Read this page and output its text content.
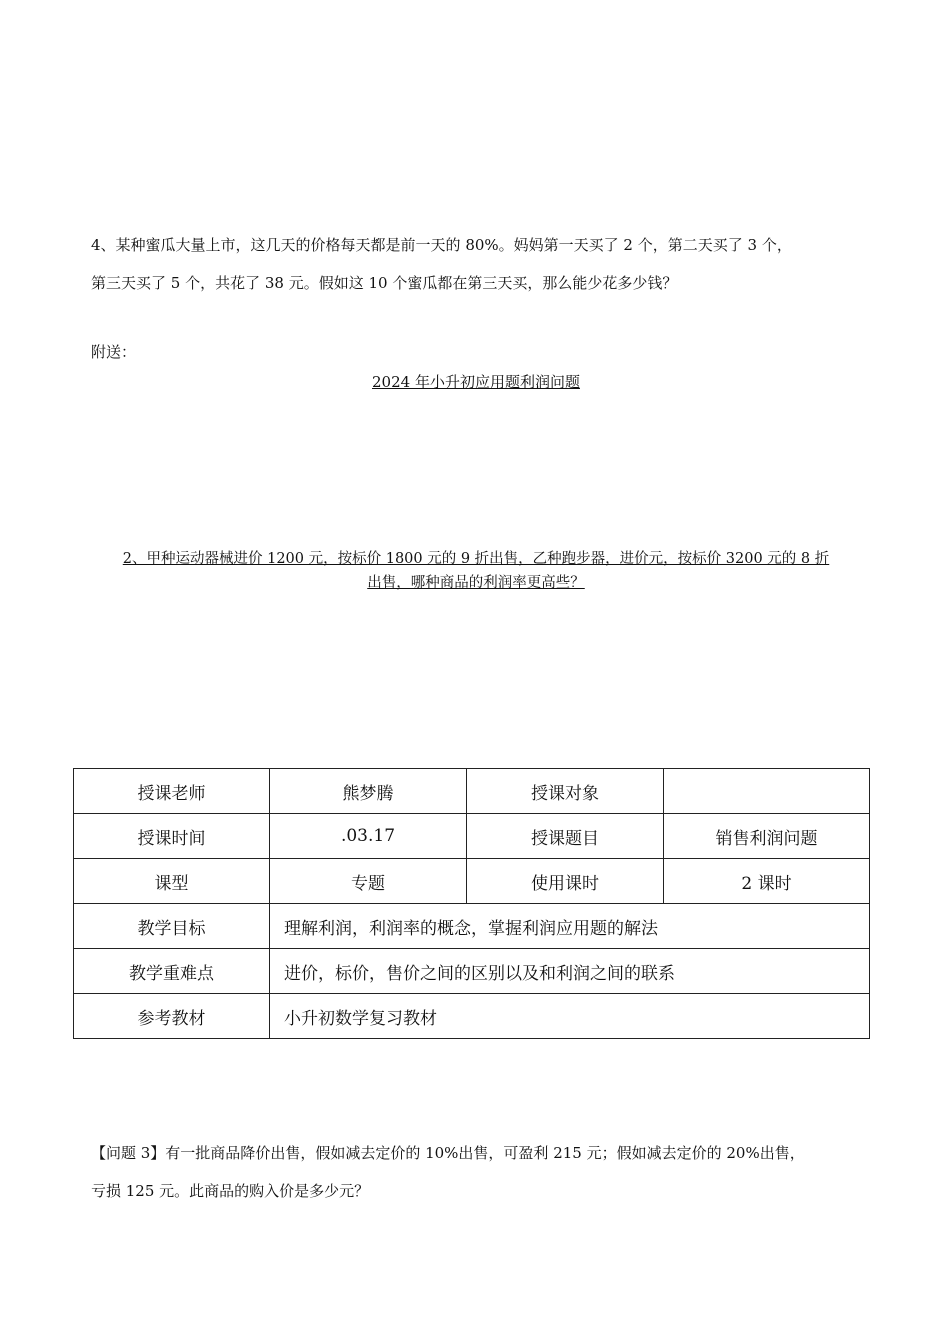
4、某种蜜瓜大量上市，这几天的价格每天都是前一天的 80%。妈妈第一天买了 2 个，第二天买了 3 个，

第三天买了 5 个，共花了 38 元。假如这 10 个蜜瓜都在第三天买，那么能少花多少钱？

附送：

2024 年小升初应用题利润问题

2、甲种运动器械进价 1200 元，按标价 1800 元的 9 折出售，乙种跑步器，进价元，按标价 3200 元的 8 折

出售，哪种商品的利润率更高些？

授课老师	熊梦腾	授课对象	
授课时间	.03.17	授课题目	销售利润问题
课型	专题	使用课时	2 课时
教学目标	理解利润，利润率的概念，掌握利润应用题的解法		
教学重难点	进价，标价，售价之间的区别以及和利润之间的联系		
参考教材	小升初数学复习教材		

【问题 3】有一批商品降价出售，假如减去定价的 10%出售，可盈利 215 元；假如减去定价的 20%出售，

亏损 125 元。此商品的购入价是多少元？
